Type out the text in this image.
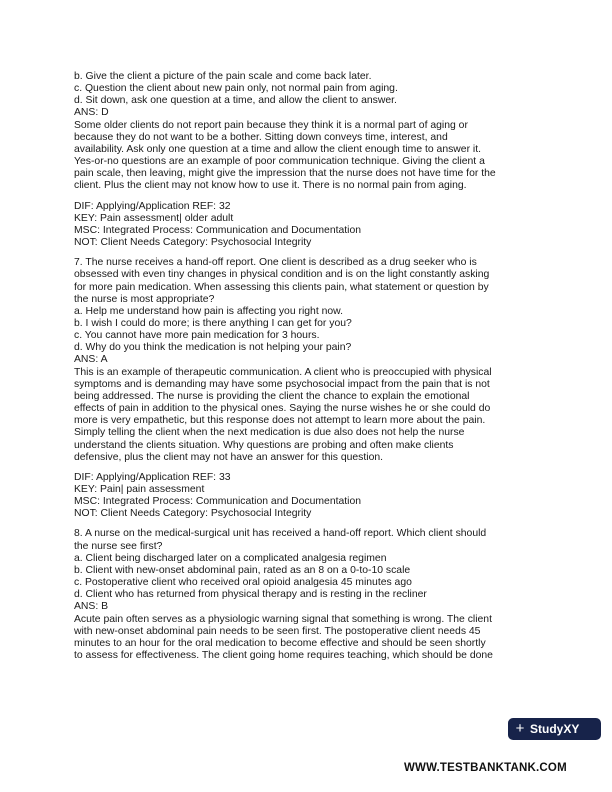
b. Give the client a picture of the pain scale and come back later.
c. Question the client about new pain only, not normal pain from aging.
d. Sit down, ask one question at a time, and allow the client to answer.
ANS: D
Some older clients do not report pain because they think it is a normal part of aging or
because they do not want to be a bother. Sitting down conveys time, interest, and
availability. Ask only one question at a time and allow the client enough time to answer it.
Yes-or-no questions are an example of poor communication technique. Giving the client a
pain scale, then leaving, might give the impression that the nurse does not have time for the
client. Plus the client may not know how to use it. There is no normal pain from aging.
DIF: Applying/Application REF: 32
KEY: Pain assessment| older adult
MSC: Integrated Process: Communication and Documentation
NOT: Client Needs Category: Psychosocial Integrity
7. The nurse receives a hand-off report. One client is described as a drug seeker who is
obsessed with even tiny changes in physical condition and is on the light constantly asking
for more pain medication. When assessing this clients pain, what statement or question by
the nurse is most appropriate?
a. Help me understand how pain is affecting you right now.
b. I wish I could do more; is there anything I can get for you?
c. You cannot have more pain medication for 3 hours.
d. Why do you think the medication is not helping your pain?
ANS: A
This is an example of therapeutic communication. A client who is preoccupied with physical
symptoms and is demanding may have some psychosocial impact from the pain that is not
being addressed. The nurse is providing the client the chance to explain the emotional
effects of pain in addition to the physical ones. Saying the nurse wishes he or she could do
more is very empathetic, but this response does not attempt to learn more about the pain.
Simply telling the client when the next medication is due also does not help the nurse
understand the clients situation. Why questions are probing and often make clients
defensive, plus the client may not have an answer for this question.
DIF: Applying/Application REF: 33
KEY: Pain| pain assessment
MSC: Integrated Process: Communication and Documentation
NOT: Client Needs Category: Psychosocial Integrity
8. A nurse on the medical-surgical unit has received a hand-off report. Which client should
the nurse see first?
a. Client being discharged later on a complicated analgesia regimen
b. Client with new-onset abdominal pain, rated as an 8 on a 0-to-10 scale
c. Postoperative client who received oral opioid analgesia 45 minutes ago
d. Client who has returned from physical therapy and is resting in the recliner
ANS: B
Acute pain often serves as a physiologic warning signal that something is wrong. The client
with new-onset abdominal pain needs to be seen first. The postoperative client needs 45
minutes to an hour for the oral medication to become effective and should be seen shortly
to assess for effectiveness. The client going home requires teaching, which should be done
+ Study XY
WWW.TESTBANKTANK.COM
